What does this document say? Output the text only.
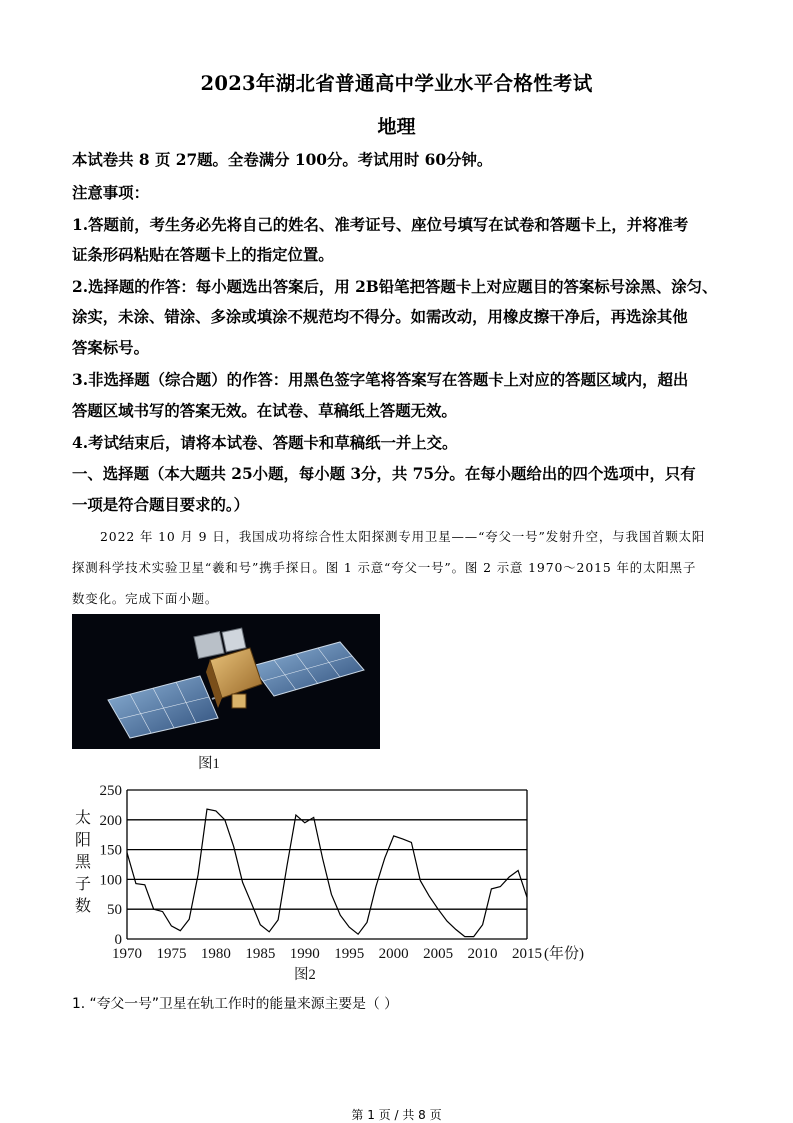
2023年湖北省普通高中学业水平合格性考试
地理
本试卷共 8 页 27题。全卷满分 100分。考试用时 60分钟。
注意事项：
1.答题前，考生务必先将自己的姓名、准考证号、座位号填写在试卷和答题卡上，并将准考
证条形码粘贴在答题卡上的指定位置。
2.选择题的作答：每小题选出答案后，用 2B铅笔把答题卡上对应题目的答案标号涂黑、涂匀、
涂实，未涂、错涂、多涂或填涂不规范均不得分。如需改动，用橡皮擦干净后，再选涂其他
答案标号。
3.非选择题（综合题）的作答：用黑色签字笔将答案写在答题卡上对应的答题区域内，超出
答题区域书写的答案无效。在试卷、草稿纸上答题无效。
4.考试结束后，请将本试卷、答题卡和草稿纸一并上交。
一、选择题（本大题共 25小题，每小题 3分，共 75分。在每小题给出的四个选项中，只有
一项是符合题目要求的。）
2022 年 10 月 9 日，我国成功将综合性太阳探测专用卫星——“夸父一号”发射升空，与我国首颗太阳
探测科学技术实验卫星“羲和号”携手探日。图 1 示意“夸父一号”。图 2 示意 1970～2015 年的太阳黑子
数变化。完成下面小题。
图1
0
50
100
150
200
250
1970 1975 1980 1985 1990 1995 2000 2005 2010 2015
太
阳
黑
子
数
(年份)
图2
1. “夸父一号”卫星在轨工作时的能量来源主要是（ ）
第 1 页 / 共 8 页
